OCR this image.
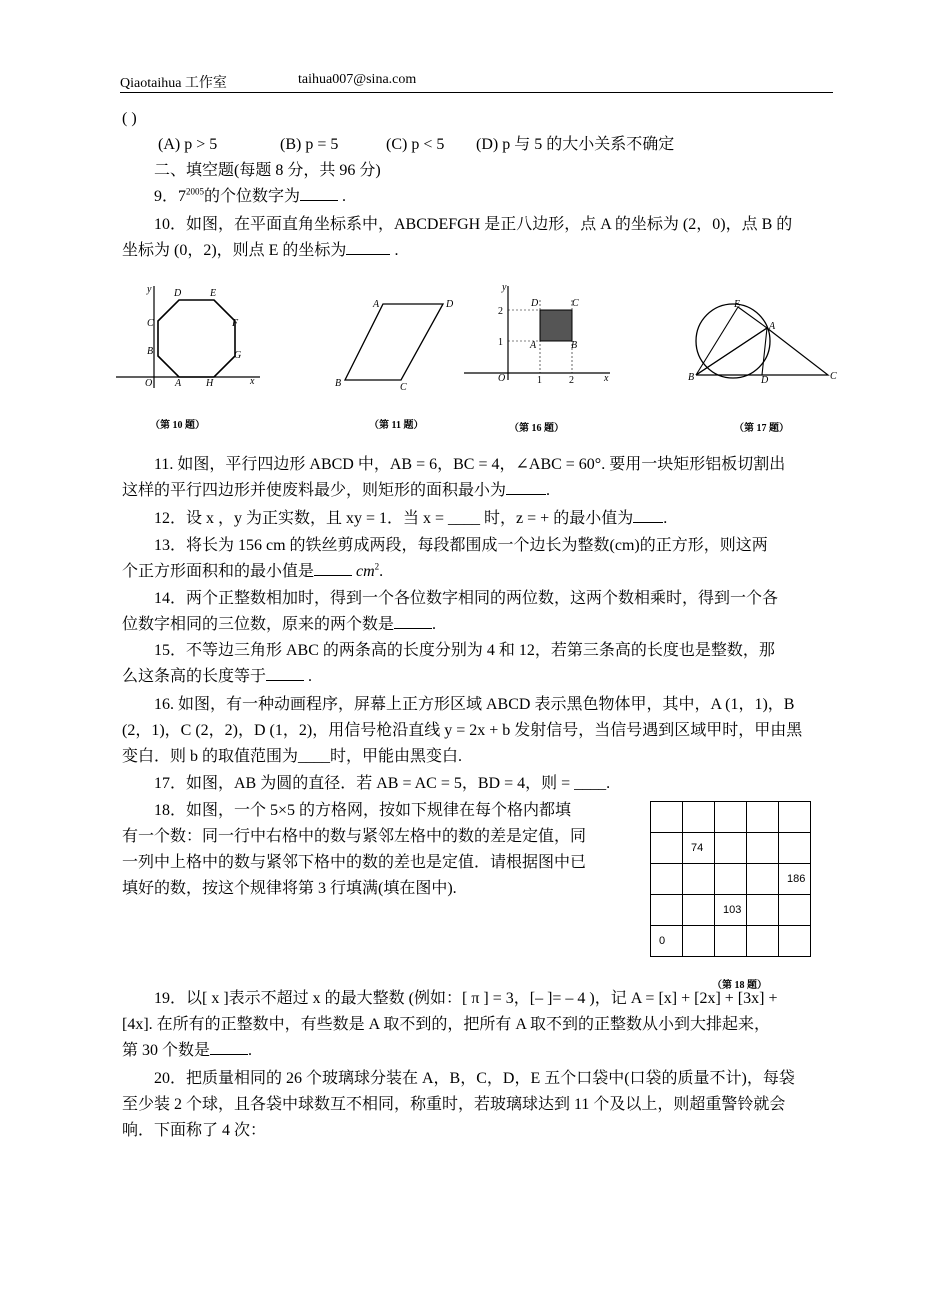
Qiaotaihua 工作室	taihua007@sina.com
( )
(A) p > 5	(B) p = 5	(C) p < 5 (D) p 与 5 的大小关系不确定
二、填空题(每题 8 分，共 96 分)
9．$7^{2005}$的个位数字为 .
10．如图，在平面直角坐标系中，ABCDEFGH 是正八边形，点 A 的坐标为 (2，0)，点 B 的
坐标为 (0，2)，则点 E 的坐标为	.
y D	E
C	F
B	G
O A H	x
（第 10 题）
A	D
B	C
（第 11 题）
y
2
1
D	C
A	B
O	1	2	x
（第 16 题）
E
A
B	D	C
（第 17 题）
11. 如图，平行四边形 ABCD 中，AB = 6，BC = 4，∠ABC = 60°. 要用一块矩形铝板切割出
这样的平行四边形并使废料最少，则矩形的面积最小为	.
12．设 x ，y 为正实数，且 xy = 1．当 x = ____ 时，z = + 的最小值为 .
13．将长为 156 cm 的铁丝剪成两段，每段都围成一个边长为整数(cm)的正方形，则这两
个正方形面积和的最小值是	$cm^2$.
14．两个正整数相加时，得到一个各位数字相同的两位数，这两个数相乘时，得到一个各
位数字相同的三位数，原来的两个数是 .
15．不等边三角形 ABC 的两条高的长度分别为 4 和 12，若第三条高的长度也是整数，那
么这条高的长度等于 .
16. 如图，有一种动画程序，屏幕上正方形区域 ABCD 表示黑色物体甲，其中，A (1，1)，B
(2，1)，C (2，2)，D (1，2)，用信号枪沿直线 y = 2x + b 发射信号，当信号遇到区域甲时，甲由黑
变白．则 b 的取值范围为____时，甲能由黑变白.
17．如图，AB 为圆的直径．若 AB = AC = 5，BD = 4，则 = ____.
18．如图，一个 5×5 的方格网，按如下规律在每个格内都填
有一个数：同一行中右格中的数与紧邻左格中的数的差是定值，同
一列中上格中的数与紧邻下格中的数的差也是定值．请根据图中已
填好的数，按这个规律将第 3 行填满(填在图中).

	74			
				186
		103		
0				
（第 18 题）
19．以[ x ]表示不超过 x 的最大整数 (例如：[ π ] = 3，[– ]= – 4 )，记 A = [x] + [2x] + [3x] +
[4x]. 在所有的正整数中，有些数是 A 取不到的，把所有 A 取不到的正整数从小到大排起来，
第 30 个数是 .
20．把质量相同的 26 个玻璃球分装在 A，B，C，D，E 五个口袋中(口袋的质量不计)，每袋
至少装 2 个球，且各袋中球数互不相同，称重时，若玻璃球达到 11 个及以上，则超重警铃就会
响．下面称了 4 次：
